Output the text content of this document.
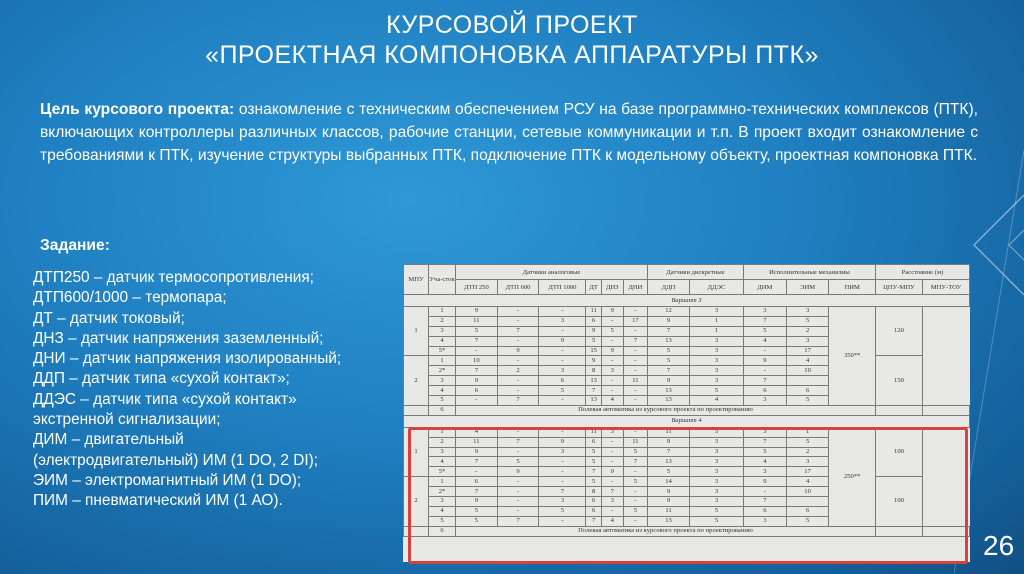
КУРСОВОЙ ПРОЕКТ
«ПРОЕКТНАЯ КОМПОНОВКА АППАРАТУРЫ ПТК»
Цель курсового проекта: ознакомление с техническим обеспечением РСУ на базе программно-технических комплексов (ПТК), включающих контроллеры различных классов, рабочие станции, сетевые коммуникации и т.п. В проект входит ознакомление с требованиями к ПТК, изучение структуры выбранных ПТК, подключение ПТК к модельному объекту, проектная компоновка ПТК.
Задание:
ДТП250 – датчик термосопротивления;
ДТП600/1000 – термопара;
ДТ – датчик токовый;
ДНЗ – датчик напряжения заземленный;
ДНИ – датчик напряжения изолированный;
ДДП – датчик типа «сухой контакт»;
ДДЭС – датчик типа «сухой контакт»
экстренной сигнализации;
ДИМ – двигательный
(электродвигательный) ИМ (1 DO, 2 DI);
ЭИМ – электромагнитный ИМ (1 DO);
ПИМ – пневматический ИМ (1 АО).
МПУ	Уча-сток	Датчики аналоговые						Датчики дискретные		Исполнительные механизмы			Расстояние (м)	
		ДТП 250	ДТП 600	ДТП 1000	ДТ	ДНЗ	ДНИ	ДДП	ДДЭС	ДИМ	ЭИМ	ПИМ	ЦПУ-МПУ	МПУ-ТОУ
Вариант 3														
1	1	9	-	-	11	9	-	12	3	3	3	350**	120	
	2	11	-	3	6	-	17	9	1	7	5			
	3	5	7	-	9	5	-	7	1	5	2			
	4	7	-	9	5	-	7	13	3	4	3			
	5*	-	9	-	15	9	-	5	3	-	17			
2	1	10	-	-	9	-	-	5	3	9	4		150	
	2*	7	2	3	8	3	-	7	3	-	10			
	3	9	-	6	13	-	11	9	3	7				
	4	6	-	5	7	-	-	13	5	6	6			
	5	-	7	-	13	4	-	13	4	3	5			
	6	Полевая автоматика из курсового проекта по проектированию												
Вариант 4														
1	1	4	-	-	11	3	-	11	5	3	1	250**	100	
	2	11	7	9	6	-	11	9	3	7	5			
	3	9	-	3	5	-	5	7	3	5	2			
	4	7	5	-	5	-	7	13	3	4	3			
	5*	-	9	-	7	9	-	5	3	3	17			
2	1	6	-	-	5	-	5	14	3	9	4		100	
	2*	7	-	7	8	7	-	9	3	-	10			
	3	9	-	3	6	3	-	9	3	7				
	4	5	-	5	6	-	5	11	5	6	6			
	5	5	7	-	7	4	-	13	5	3	5			
	6	Полевая автоматика из курсового проекта по проектированию													26
